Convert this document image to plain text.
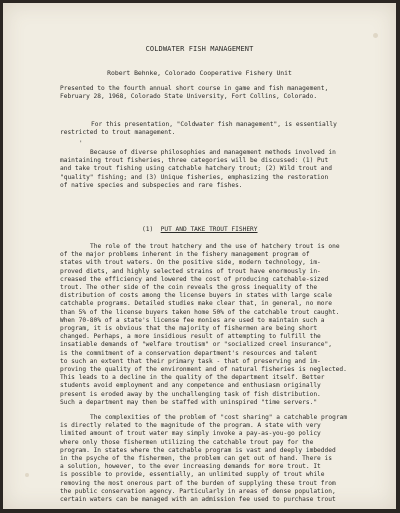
COLDWATER FISH MANAGEMENT
Robert Behnke, Colorado Cooperative Fishery Unit
Presented to the fourth annual short course in game and fish management,
February 28, 1968, Colorado State University, Fort Collins, Colorado.
For this presentation, "Coldwater fish management", is essentially
restricted to trout management.
'
Because of diverse philosophies and management methods involved in
maintaining trout fisheries, three categories will be discussed: (1) Put
and take trout fishing using catchable hatchery trout; (2) Wild trout and
"quality" fishing; and (3) Unique fisheries, emphasizing the restoration
of native species and subspecies and rare fishes.
(1) PUT AND TAKE TROUT FISHERY
The role of the trout hatchery and the use of hatchery trout is one
of the major problems inherent in the fishery management program of
states with trout waters. On the positive side, modern technology, im-
proved diets, and highly selected strains of trout have enormously in-
creased the efficiency and lowered the cost of producing catchable-sized
trout. The other side of the coin reveals the gross inequality of the
distribution of costs among the license buyers in states with large scale
catchable programs. Detailed studies make clear that, in general, no more
than 5% of the license buyers taken home 50% of the catchable trout caught.
When 70-80% of a state's license fee monies are used to maintain such a
program, it is obvious that the majority of fishermen are being short
changed. Perhaps, a more insidious result of attempting to fulfill the
insatiable demands of "welfare troutism" or "socialized creel insurance",
is the commitment of a conservation department's resources and talent
to such an extent that their primary task - that of preserving and im-
proving the quality of the environment and of natural fisheries is neglected.
This leads to a decline in the quality of the department itself. Better
students avoid employment and any competence and enthusiasm originally
present is eroded away by the unchallenging task of fish distribution.
Such a department may then be staffed with uninspired "time servers."
The complexities of the problem of "cost sharing" a catchable program
is directly related to the magnitude of the program. A state with very
limited amount of trout water may simply invoke a pay-as-you-go policy
where only those fishermen utilizing the catchable trout pay for the
program. In states where the catchable program is vast and deeply imbedded
in the psyche of the fishermen, the problem can get out of hand. There is
a solution, however, to the ever increasing demands for more trout. It
is possible to provide, essentially, an unlimited supply of trout while
removing the most onerous part of the burden of supplying these trout from
the public conservation agency. Particularly in areas of dense population,
certain waters can be managed with an admission fee used to purchase trout
